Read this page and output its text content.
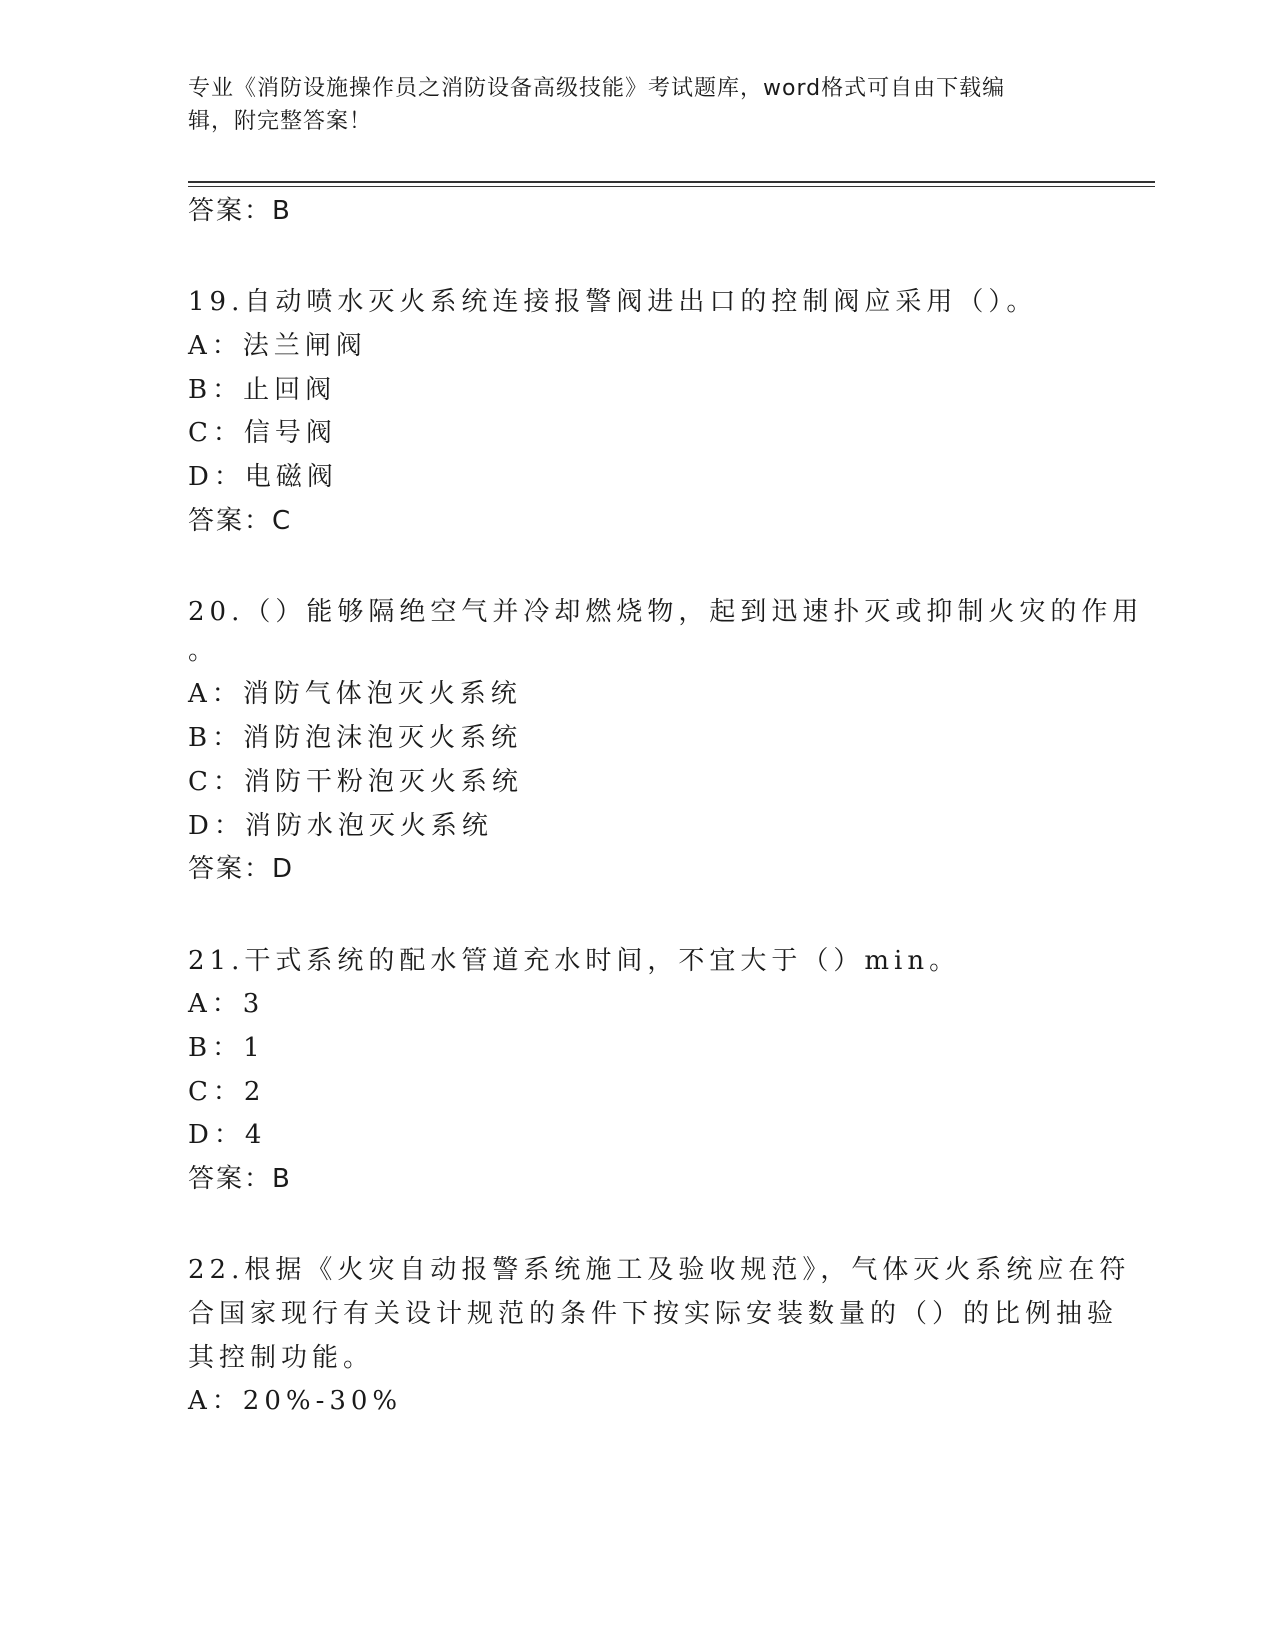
专业《消防设施操作员之消防设备高级技能》考试题库，word格式可自由下载编
辑，附完整答案！
答案：B
19.自动喷水灭火系统连接报警阀进出口的控制阀应采用（）。
A：法兰闸阀
B：止回阀
C：信号阀
D：电磁阀
答案：C
20.（）能够隔绝空气并冷却燃烧物，起到迅速扑灭或抑制火灾的作用
。
A：消防气体泡灭火系统
B：消防泡沫泡灭火系统
C：消防干粉泡灭火系统
D：消防水泡灭火系统
答案：D
21.干式系统的配水管道充水时间，不宜大于（）min。
A：3
B：1
C：2
D：4
答案：B
22.根据《火灾自动报警系统施工及验收规范》，气体灭火系统应在符
合国家现行有关设计规范的条件下按实际安装数量的（）的比例抽验
其控制功能。
A：20%-30%
